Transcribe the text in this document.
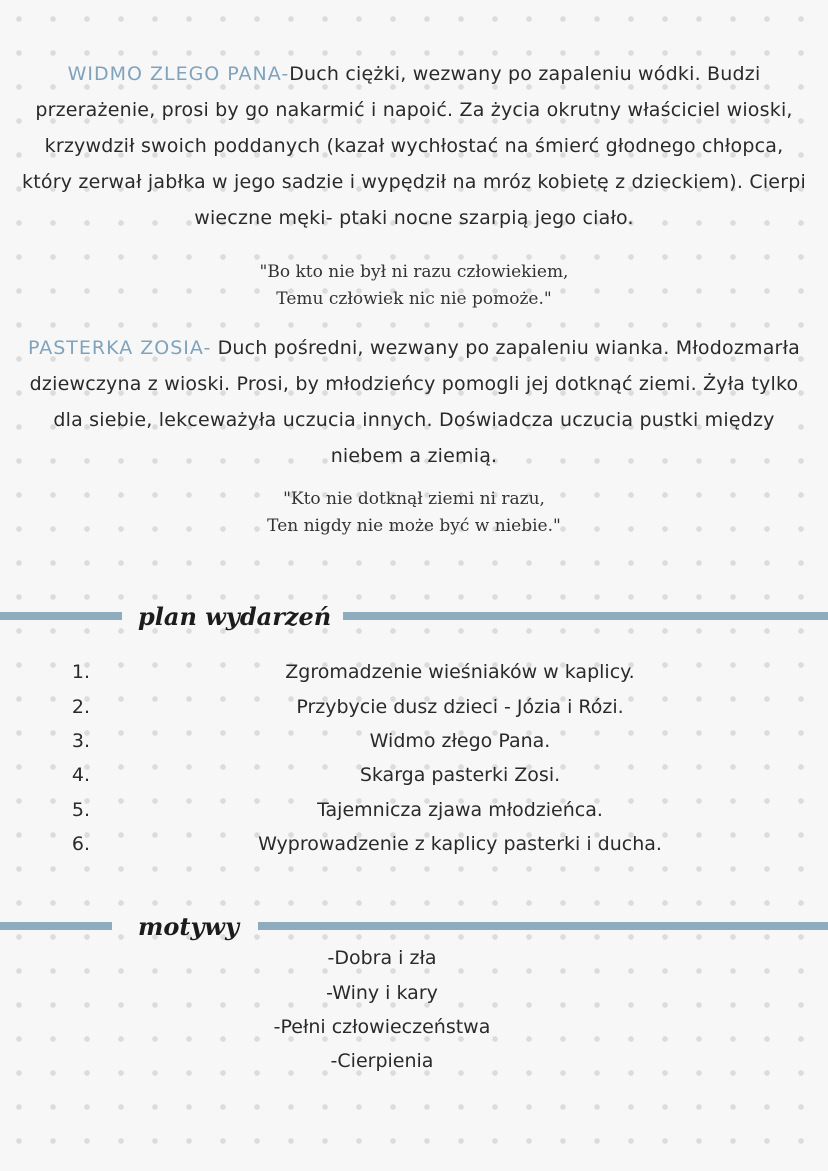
WIDMO ZLEGO PANA-Duch ciężki, wezwany po zapaleniu wódki. Budzi
przerażenie, prosi by go nakarmić i napoić. Za życia okrutny właściciel wioski,
krzywdził swoich poddanych (kazał wychłostać na śmierć głodnego chłopca,
który zerwał jabłka w jego sadzie i wypędził na mróz kobietę z dzieckiem). Cierpi
wieczne męki- ptaki nocne szarpią jego ciało.
"Bo kto nie był ni razu człowiekiem,
Temu człowiek nic nie pomoże."
PASTERKA ZOSIA- Duch pośredni, wezwany po zapaleniu wianka. Młodozmarła
dziewczyna z wioski. Prosi, by młodzieńcy pomogli jej dotknąć ziemi. Żyła tylko
dla siebie, lekceważyła uczucia innych. Doświadcza uczucia pustki między
niebem a ziemią.
"Kto nie dotknął ziemi ni razu,
Ten nigdy nie może być w niebie."
plan wydarzeń
1.	Zgromadzenie wieśniaków w kaplicy.
2.	Przybycie dusz dzieci - Józia i Rózi.
3.	Widmo złego Pana.
4.	Skarga pasterki Zosi.
5.	Tajemnicza zjawa młodzieńca.
6.	Wyprowadzenie z kaplicy pasterki i ducha.
motywy
-Dobra i zła
-Winy i kary
-Pełni człowieczeństwa
-Cierpienia
